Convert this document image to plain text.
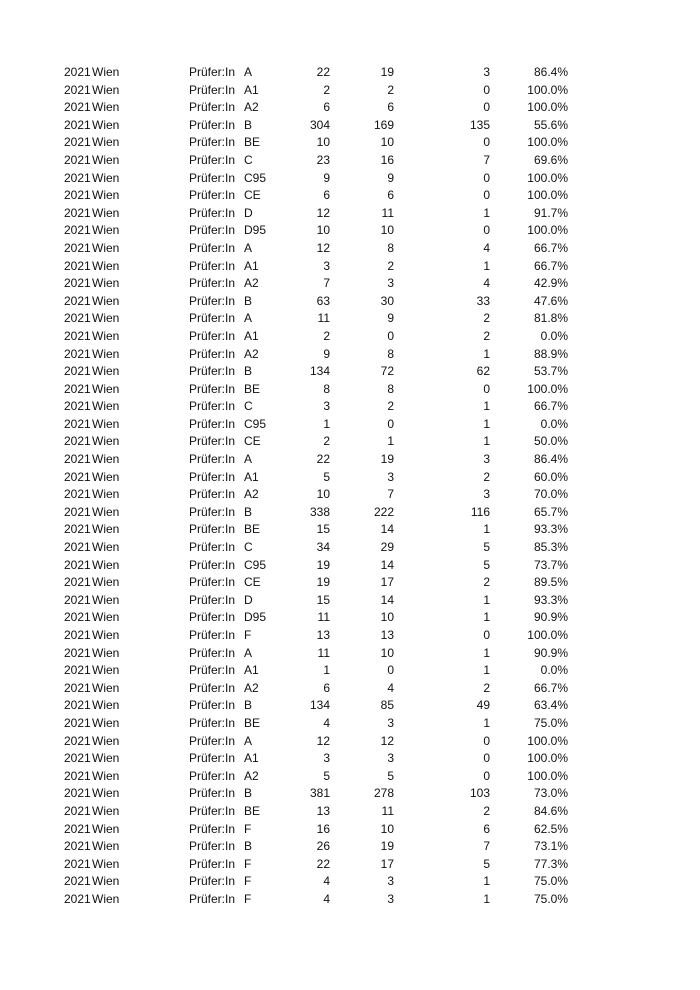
2021 Wien	Prüfer:In A	22	19	3	86.4%
2021 Wien	Prüfer:In A1	2	2	0	100.0%
2021 Wien	Prüfer:In A2	6	6	0	100.0%
2021 Wien	Prüfer:In B	304	169	135	55.6%
2021 Wien	Prüfer:In BE	10	10	0	100.0%
2021 Wien	Prüfer:In C	23	16	7	69.6%
2021 Wien	Prüfer:In C95	9	9	0	100.0%
2021 Wien	Prüfer:In CE	6	6	0	100.0%
2021 Wien	Prüfer:In D	12	11	1	91.7%
2021 Wien	Prüfer:In D95	10	10	0	100.0%
2021 Wien	Prüfer:In A	12	8	4	66.7%
2021 Wien	Prüfer:In A1	3	2	1	66.7%
2021 Wien	Prüfer:In A2	7	3	4	42.9%
2021 Wien	Prüfer:In B	63	30	33	47.6%
2021 Wien	Prüfer:In A	11	9	2	81.8%
2021 Wien	Prüfer:In A1	2	0	2	0.0%
2021 Wien	Prüfer:In A2	9	8	1	88.9%
2021 Wien	Prüfer:In B	134	72	62	53.7%
2021 Wien	Prüfer:In BE	8	8	0	100.0%
2021 Wien	Prüfer:In C	3	2	1	66.7%
2021 Wien	Prüfer:In C95	1	0	1	0.0%
2021 Wien	Prüfer:In CE	2	1	1	50.0%
2021 Wien	Prüfer:In A	22	19	3	86.4%
2021 Wien	Prüfer:In A1	5	3	2	60.0%
2021 Wien	Prüfer:In A2	10	7	3	70.0%
2021 Wien	Prüfer:In B	338	222	116	65.7%
2021 Wien	Prüfer:In BE	15	14	1	93.3%
2021 Wien	Prüfer:In C	34	29	5	85.3%
2021 Wien	Prüfer:In C95	19	14	5	73.7%
2021 Wien	Prüfer:In CE	19	17	2	89.5%
2021 Wien	Prüfer:In D	15	14	1	93.3%
2021 Wien	Prüfer:In D95	11	10	1	90.9%
2021 Wien	Prüfer:In F	13	13	0	100.0%
2021 Wien	Prüfer:In A	11	10	1	90.9%
2021 Wien	Prüfer:In A1	1	0	1	0.0%
2021 Wien	Prüfer:In A2	6	4	2	66.7%
2021 Wien	Prüfer:In B	134	85	49	63.4%
2021 Wien	Prüfer:In BE	4	3	1	75.0%
2021 Wien	Prüfer:In A	12	12	0	100.0%
2021 Wien	Prüfer:In A1	3	3	0	100.0%
2021 Wien	Prüfer:In A2	5	5	0	100.0%
2021 Wien	Prüfer:In B	381	278	103	73.0%
2021 Wien	Prüfer:In BE	13	11	2	84.6%
2021 Wien	Prüfer:In F	16	10	6	62.5%
2021 Wien	Prüfer:In B	26	19	7	73.1%
2021 Wien	Prüfer:In F	22	17	5	77.3%
2021 Wien	Prüfer:In F	4	3	1	75.0%
2021 Wien	Prüfer:In F	4	3	1	75.0%
